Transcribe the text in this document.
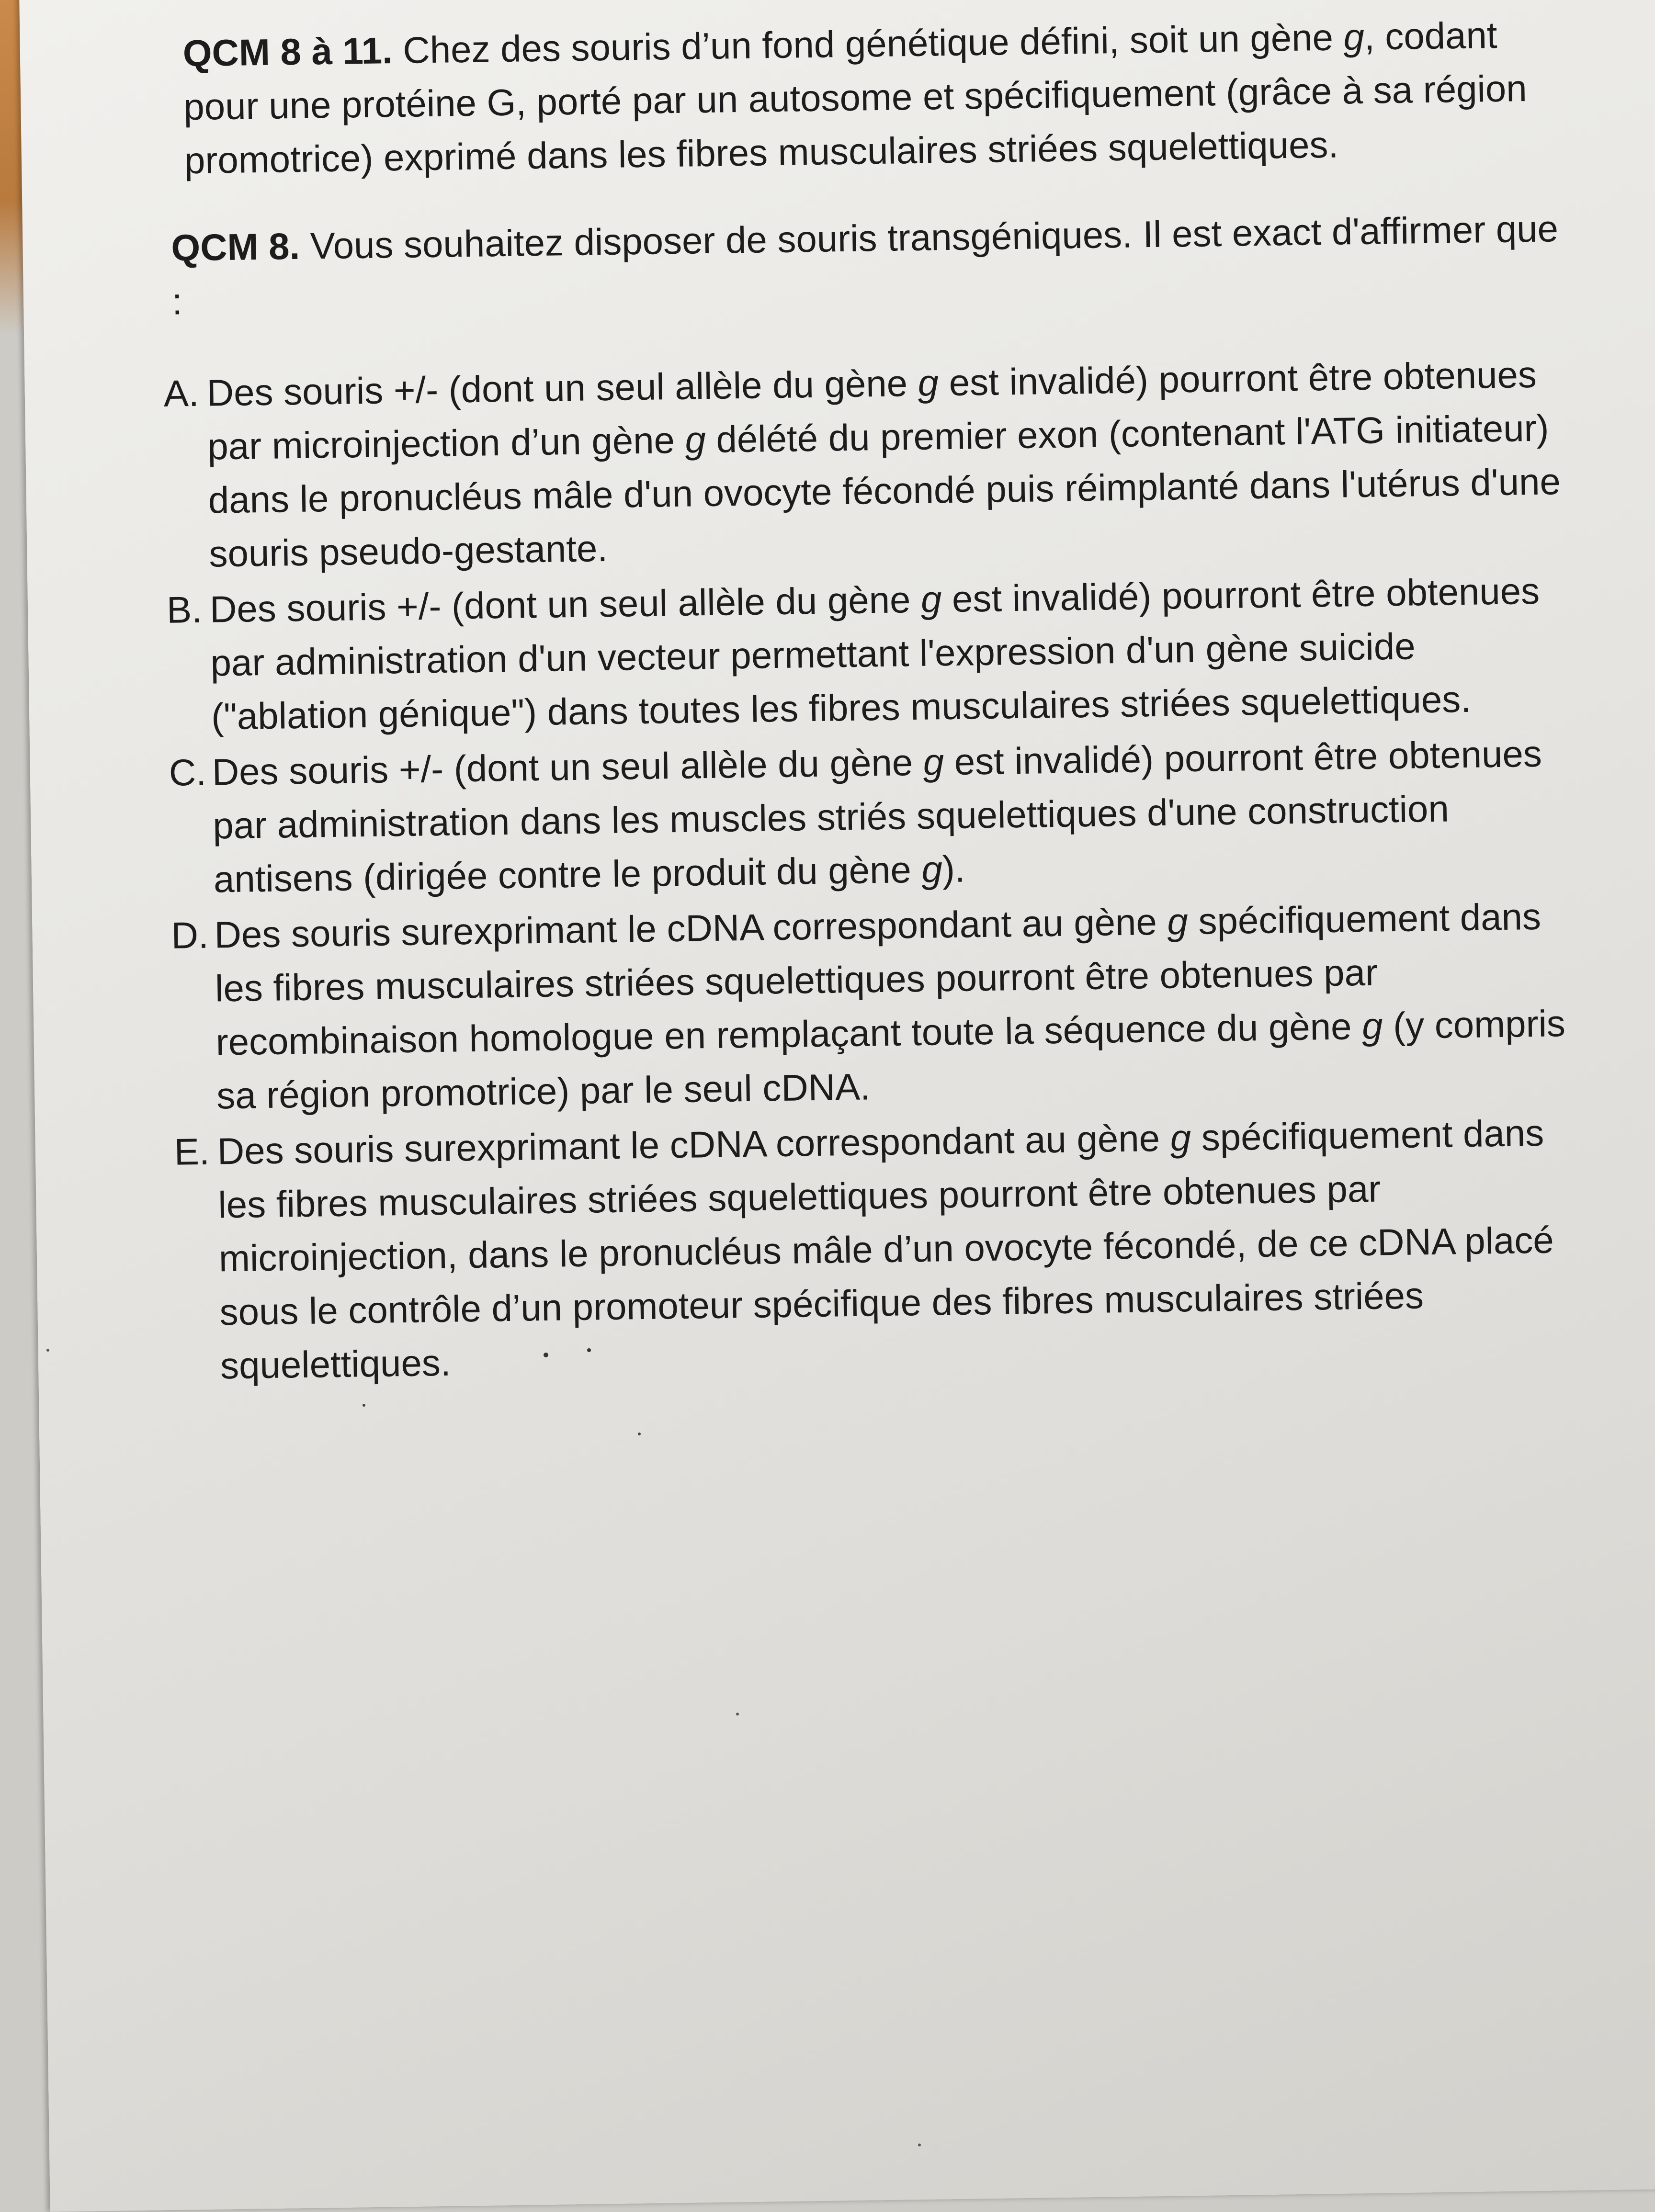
QCM 8 à 11. Chez des souris d’un fond génétique défini, soit un gène g, codant pour une protéine G, porté par un autosome et spécifiquement (grâce à sa région promotrice) exprimé dans les fibres musculaires striées squelettiques.

QCM 8. Vous souhaitez disposer de souris transgéniques. Il est exact d'affirmer que :

A. Des souris +/- (dont un seul allèle du gène g est invalidé) pourront être obtenues par microinjection d’un gène g délété du premier exon (contenant l'ATG initiateur) dans le pronucléus mâle d'un ovocyte fécondé puis réimplanté dans l'utérus d'une souris pseudo-gestante.
B. Des souris +/- (dont un seul allèle du gène g est invalidé) pourront être obtenues par administration d'un vecteur permettant l'expression d'un gène suicide ("ablation génique") dans toutes les fibres musculaires striées squelettiques.
C. Des souris +/- (dont un seul allèle du gène g est invalidé) pourront être obtenues par administration dans les muscles striés squelettiques d'une construction antisens (dirigée contre le produit du gène g).
D. Des souris surexprimant le cDNA correspondant au gène g spécifiquement dans les fibres musculaires striées squelettiques pourront être obtenues par recombinaison homologue en remplaçant toute la séquence du gène g (y compris sa région promotrice) par le seul cDNA.
E. Des souris surexprimant le cDNA correspondant au gène g spécifiquement dans les fibres musculaires striées squelettiques pourront être obtenues par microinjection, dans le pronucléus mâle d’un ovocyte fécondé, de ce cDNA placé sous le contrôle d’un promoteur spécifique des fibres musculaires striées squelettiques.
